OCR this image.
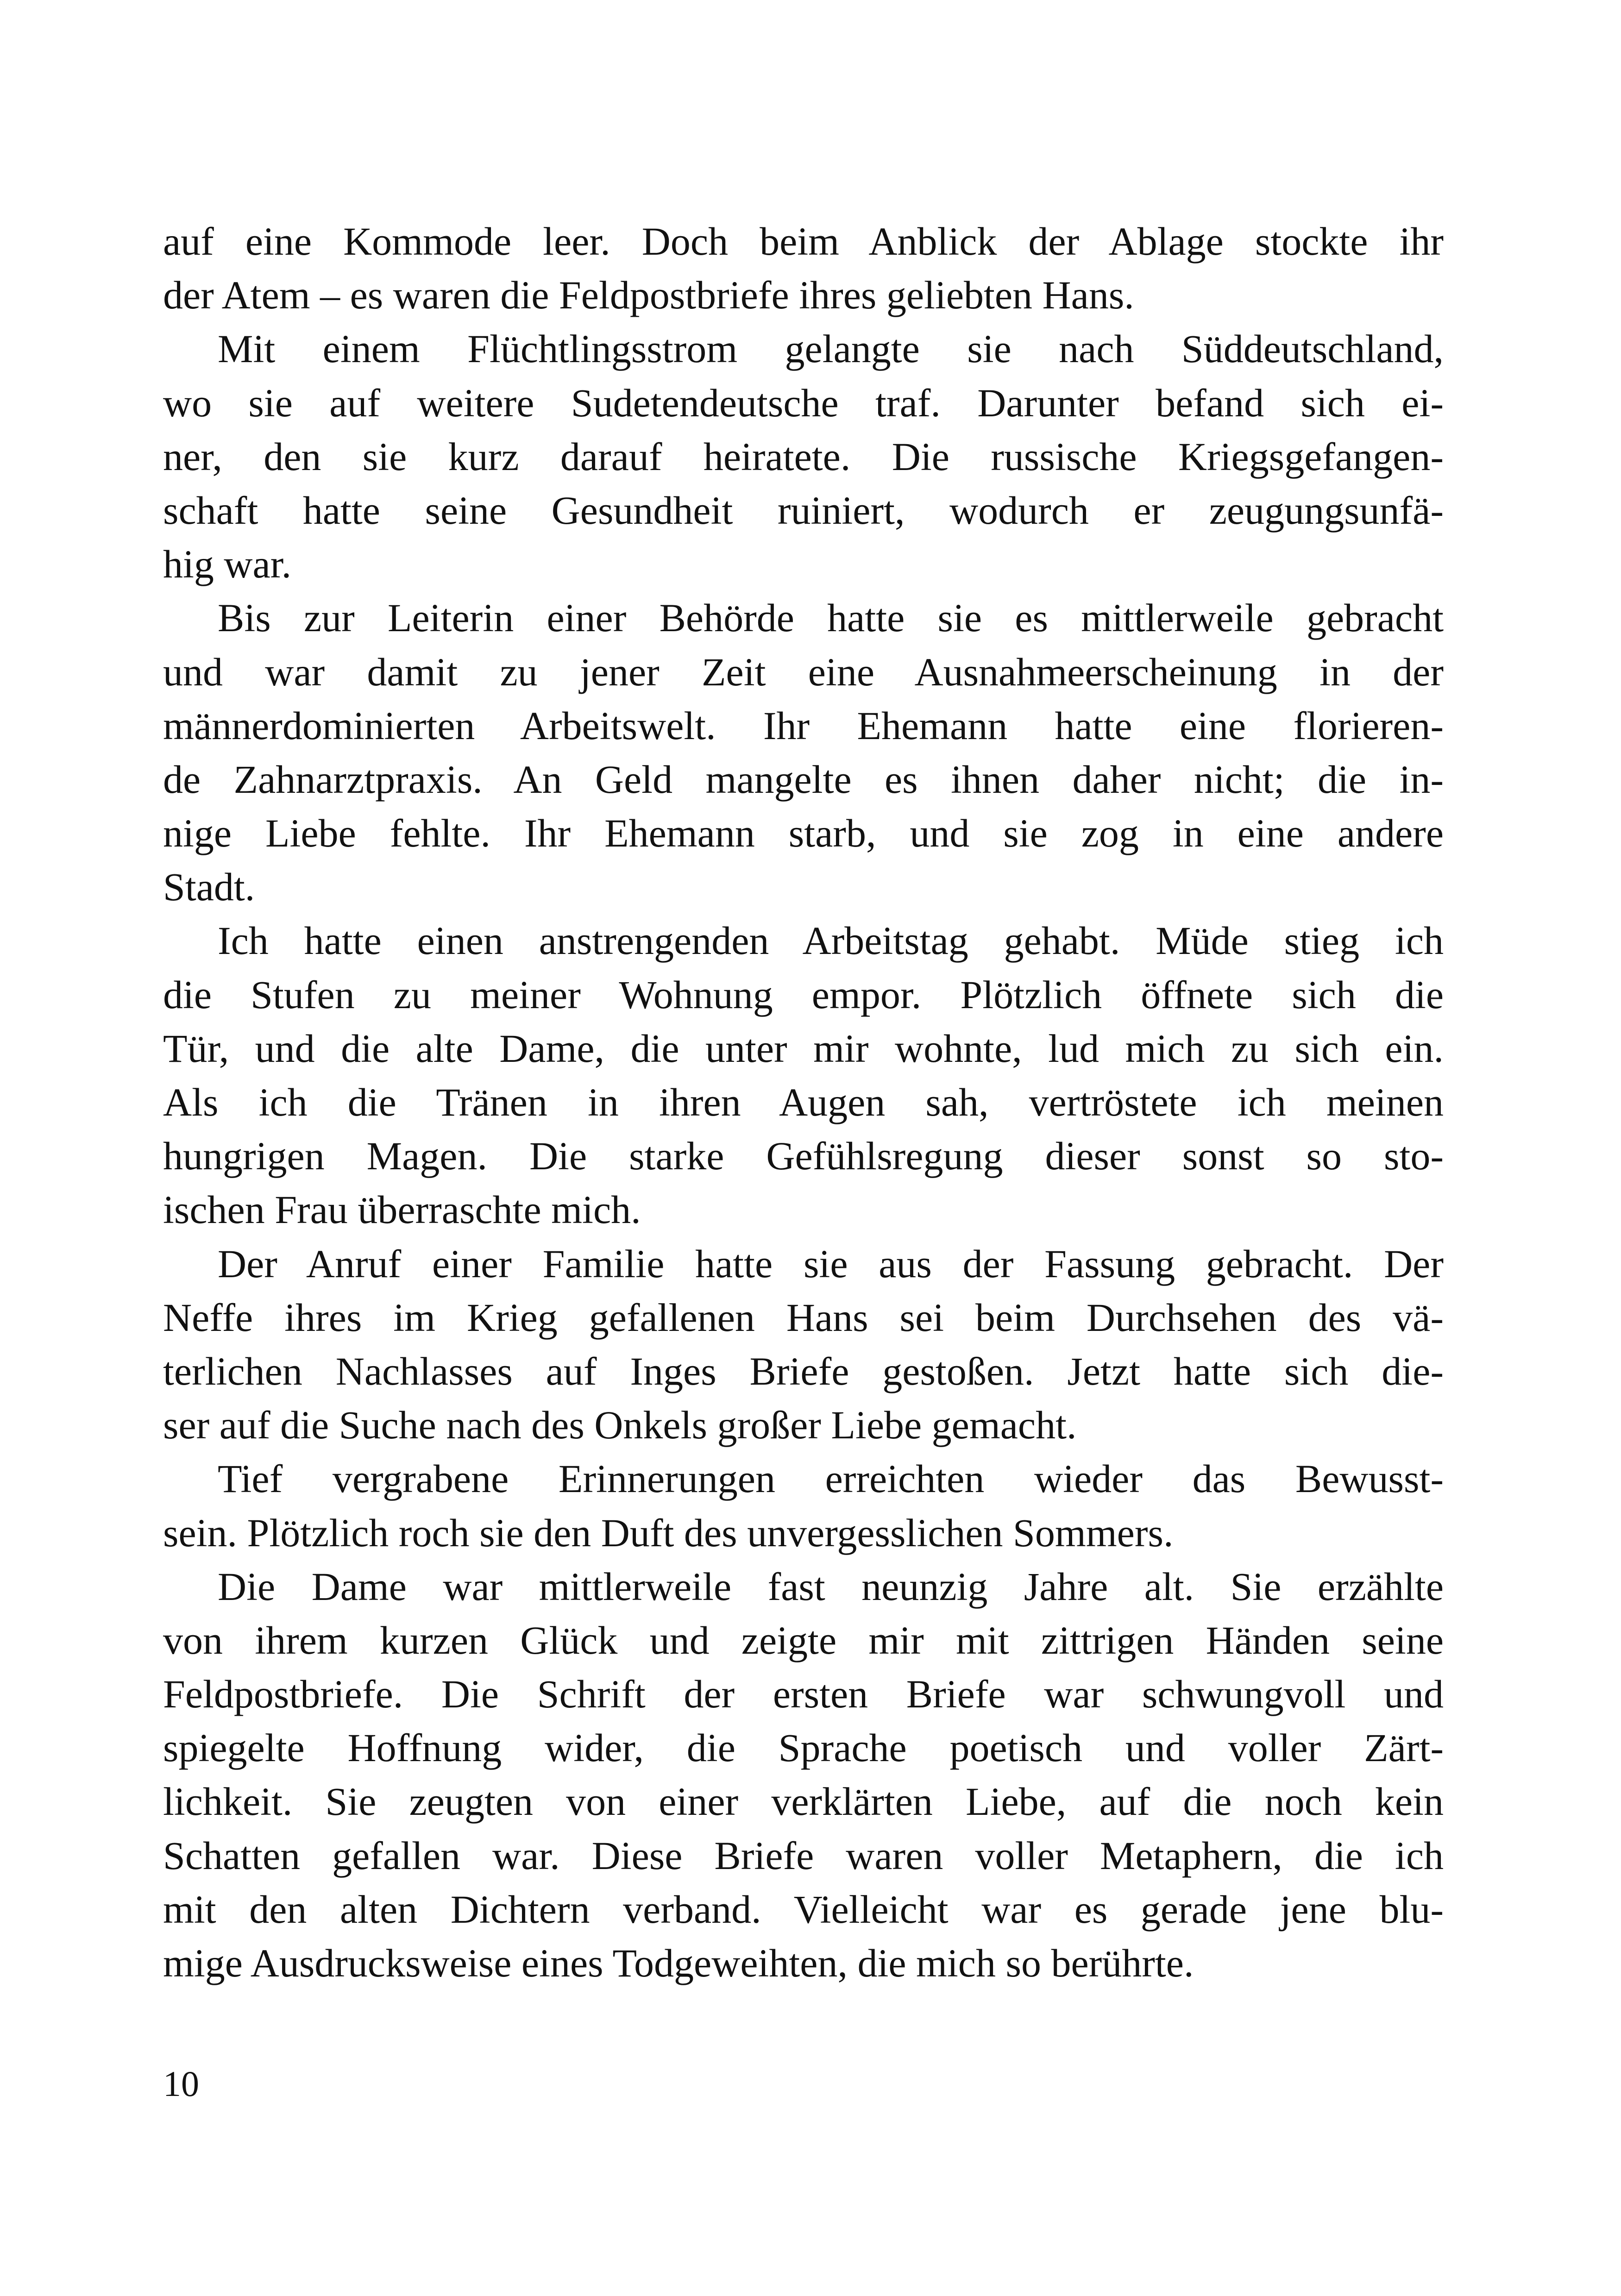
auf eine Kommode leer. Doch beim Anblick der Ablage stockte ihr
der Atem – es waren die Feldpostbriefe ihres geliebten Hans.
Mit einem Flüchtlingsstrom gelangte sie nach Süddeutschland,
wo sie auf weitere Sudetendeutsche traf. Darunter befand sich ei-
ner, den sie kurz darauf heiratete. Die russische Kriegsgefangen-
schaft hatte seine Gesundheit ruiniert, wodurch er zeugungsunfä-
hig war.
Bis zur Leiterin einer Behörde hatte sie es mittlerweile gebracht
und war damit zu jener Zeit eine Ausnahmeerscheinung in der
männerdominierten Arbeitswelt. Ihr Ehemann hatte eine florieren-
de Zahnarztpraxis. An Geld mangelte es ihnen daher nicht; die in-
nige Liebe fehlte. Ihr Ehemann starb, und sie zog in eine andere
Stadt.
Ich hatte einen anstrengenden Arbeitstag gehabt. Müde stieg ich
die Stufen zu meiner Wohnung empor. Plötzlich öffnete sich die
Tür, und die alte Dame, die unter mir wohnte, lud mich zu sich ein.
Als ich die Tränen in ihren Augen sah, vertröstete ich meinen
hungrigen Magen. Die starke Gefühlsregung dieser sonst so sto-
ischen Frau überraschte mich.
Der Anruf einer Familie hatte sie aus der Fassung gebracht. Der
Neffe ihres im Krieg gefallenen Hans sei beim Durchsehen des vä-
terlichen Nachlasses auf Inges Briefe gestoßen. Jetzt hatte sich die-
ser auf die Suche nach des Onkels großer Liebe gemacht.
Tief vergrabene Erinnerungen erreichten wieder das Bewusst-
sein. Plötzlich roch sie den Duft des unvergesslichen Sommers.
Die Dame war mittlerweile fast neunzig Jahre alt. Sie erzählte
von ihrem kurzen Glück und zeigte mir mit zittrigen Händen seine
Feldpostbriefe. Die Schrift der ersten Briefe war schwungvoll und
spiegelte Hoffnung wider, die Sprache poetisch und voller Zärt-
lichkeit. Sie zeugten von einer verklärten Liebe, auf die noch kein
Schatten gefallen war. Diese Briefe waren voller Metaphern, die ich
mit den alten Dichtern verband. Vielleicht war es gerade jene blu-
mige Ausdrucksweise eines Todgeweihten, die mich so berührte.
10
